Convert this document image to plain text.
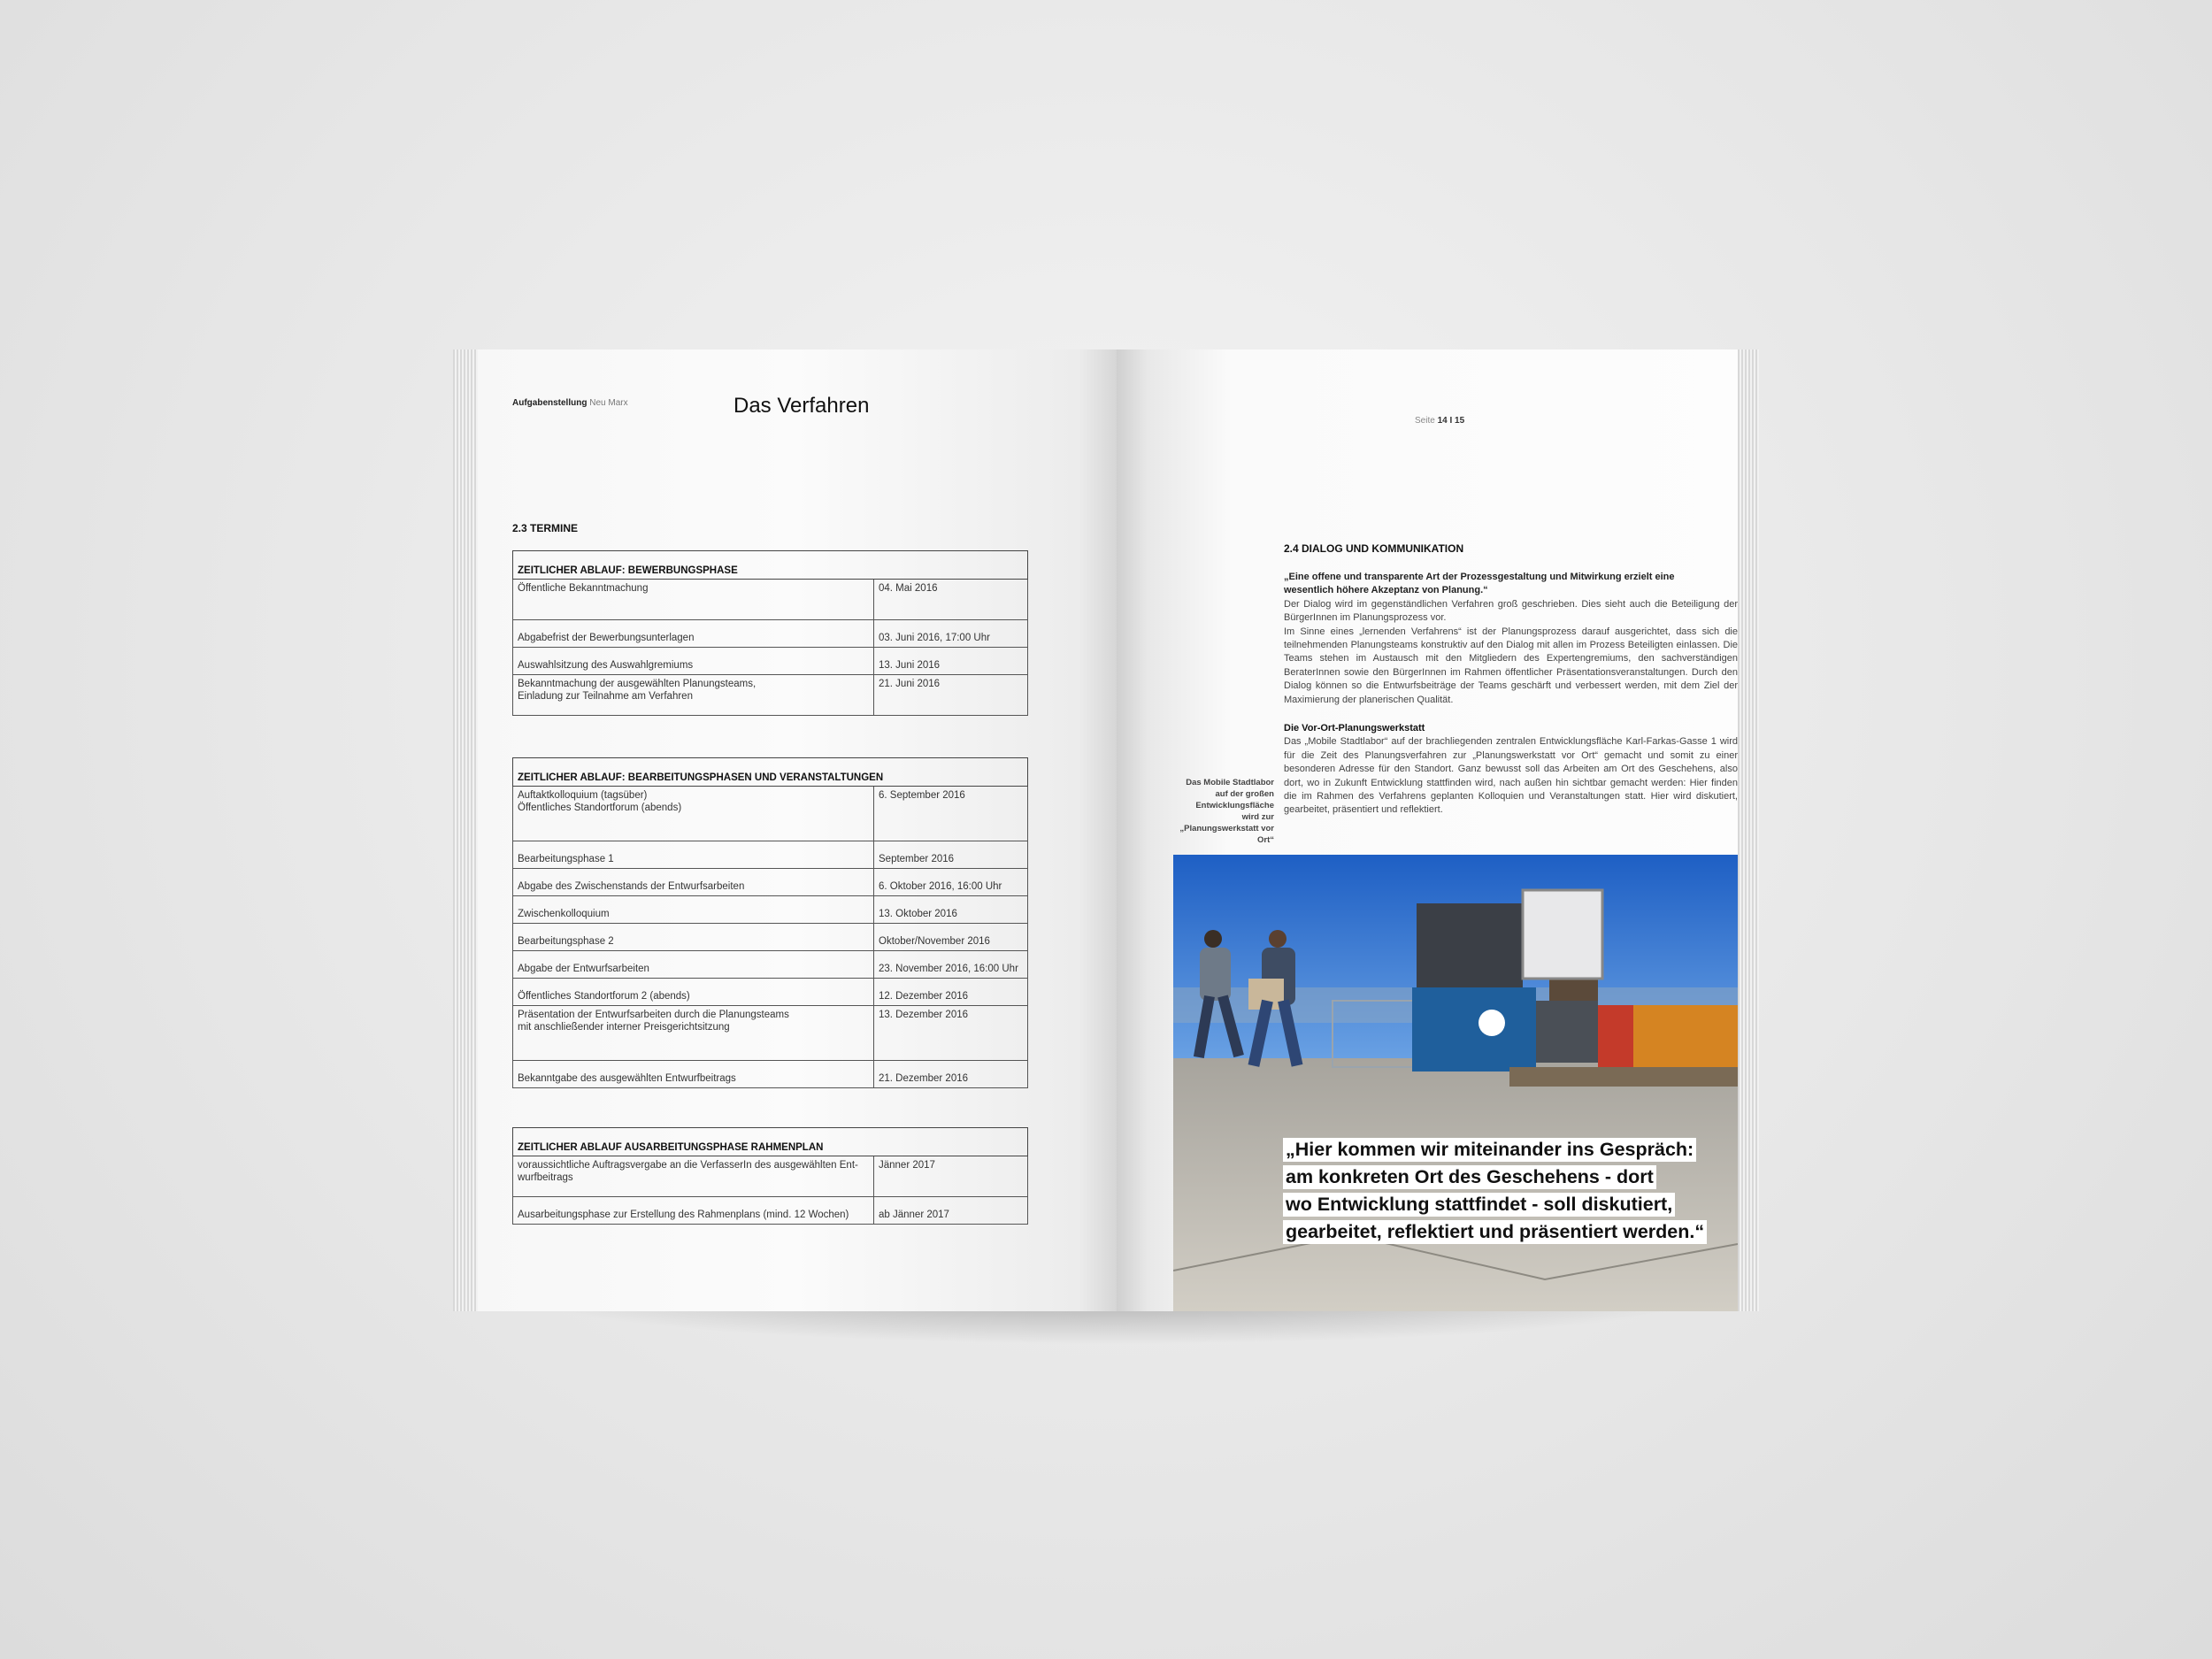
Aufgabenstellung Neu Marx	Das Verfahren
2.3 TERMINE
ZEITLICHER ABLAUF: BEWERBUNGSPHASE	

Öffentliche Bekanntmachung	04. Mai 2016

Abgabefrist der Bewerbungsunterlagen	03. Juni 2016, 17:00 Uhr

Auswahlsitzung des Auswahlgremiums	13. Juni 2016

Bekanntmachung der ausgewählten Planungsteams,
Einladung zur Teilnahme am Verfahren	21. Juni 2016
ZEITLICHER ABLAUF: BEARBEITUNGSPHASEN UND VERANSTALTUNGEN	

Auftaktkolloquium (tagsüber)
Öffentliches Standortforum (abends)	6. September 2016

Bearbeitungsphase 1	September 2016

Abgabe des Zwischenstands der Entwurfsarbeiten	6. Oktober 2016, 16:00 Uhr

Zwischenkolloquium	13. Oktober 2016

Bearbeitungsphase 2	Oktober/November 2016

Abgabe der Entwurfsarbeiten	23. November 2016, 16:00 Uhr

Öffentliches Standortforum 2 (abends)	12. Dezember 2016

Präsentation der Entwurfsarbeiten durch die Planungsteams
mit anschließender interner Preisgerichtsitzung	13. Dezember 2016

Bekanntgabe des ausgewählten Entwurfbeitrags	21. Dezember 2016
ZEITLICHER ABLAUF AUSARBEITUNGSPHASE RAHMENPLAN	

voraussichtliche Auftragsvergabe an die VerfasserIn des ausgewählten Ent-
wurfbeitrags	Jänner 2017

Ausarbeitungsphase zur Erstellung des Rahmenplans (mind. 12 Wochen)	ab Jänner 2017
Seite 14 I 15
2.4 DIALOG UND KOMMUNIKATION
„Eine offene und transparente Art der Prozessgestaltung und Mitwirkung erzielt eine
wesentlich höhere Akzeptanz von Planung.“
Der Dialog wird im gegenständlichen Verfahren groß geschrieben. Dies sieht auch die Beteiligung der BürgerInnen im Planungsprozess vor.
Im Sinne eines „lernenden Verfahrens“ ist der Planungsprozess darauf ausgerichtet, dass sich die teilnehmenden Planungsteams konstruktiv auf den Dialog mit allen im Prozess Beteiligten einlassen. Die Teams stehen im Austausch mit den Mitgliedern des Expertengremiums, den sachverständigen BeraterInnen sowie den BürgerInnen im Rahmen öffentlicher Präsentationsveranstaltungen. Durch den Dialog können so die Entwurfsbeiträge der Teams geschärft und verbessert werden, mit dem Ziel der Maximierung der planerischen Qualität.
Die Vor-Ort-Planungswerkstatt
Das „Mobile Stadtlabor“ auf der brachliegenden zentralen Entwicklungsfläche Karl-Farkas-Gasse 1 wird für die Zeit des Planungsverfahren zur „Planungswerkstatt vor Ort“ gemacht und somit zu einer besonderen Adresse für den Standort. Ganz bewusst soll das Arbeiten am Ort des Geschehens, also dort, wo in Zukunft Entwicklung stattfinden wird, nach außen hin sichtbar gemacht werden: Hier finden die im Rahmen des Verfahrens geplanten Kolloquien und Veranstaltungen statt. Hier wird diskutiert, gearbeitet, präsentiert und reflektiert.
Das Mobile Stadtlabor auf der großen Entwicklungsfläche wird zur „Planungswerkstatt vor Ort“
„Hier kommen wir miteinander ins Gespräch:
am konkreten Ort des Geschehens - dort
wo Entwicklung stattfindet - soll diskutiert,
gearbeitet, reflektiert und präsentiert werden.“
